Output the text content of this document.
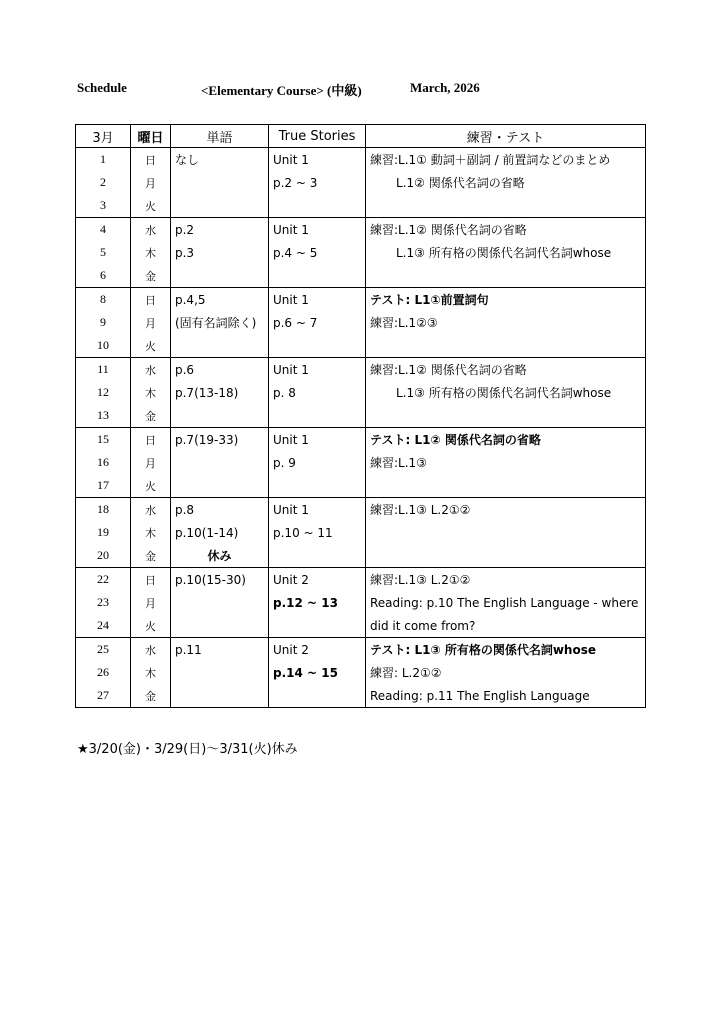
Schedule	<Elementary Course> (中級)	March, 2026
3月	曜日	単語	True Stories	練習・テスト
1	日	なし	Unit 1	練習:L.1① 動詞＋副詞 / 前置詞などのまとめ
2	月		p.2 ~ 3	L.1② 関係代名詞の省略
3	火			
4	水	p.2	Unit 1	練習:L.1② 関係代名詞の省略
5	木	p.3	p.4 ~ 5	L.1③ 所有格の関係代名詞代名詞whose
6	金			
8	日	p.4,5	Unit 1	テスト: L1①前置詞句
9	月	(固有名詞除く)	p.6 ~ 7	練習:L.1②③
10	火			
11	水	p.6	Unit 1	練習:L.1② 関係代名詞の省略
12	木	p.7(13-18)	p. 8	L.1③ 所有格の関係代名詞代名詞whose
13	金			
15	日	p.7(19-33)	Unit 1	テスト: L1② 関係代名詞の省略
16	月		p. 9	練習:L.1③
17	火			
18	水	p.8	Unit 1	練習:L.1③ L.2①②
19	木	p.10(1-14)	p.10 ~ 11	
20	金	休み		
22	日	p.10(15-30)	Unit 2	練習:L.1③ L.2①②
23	月		p.12 ~ 13	Reading: p.10 The English Language - where
24	火			did it come from?
25	水	p.11	Unit 2	テスト: L1③ 所有格の関係代名詞whose
26	木		p.14 ~ 15	練習: L.2①②
27	金			Reading: p.11 The English Language
★3/20(金)・3/29(日)～3/31(火)休み
